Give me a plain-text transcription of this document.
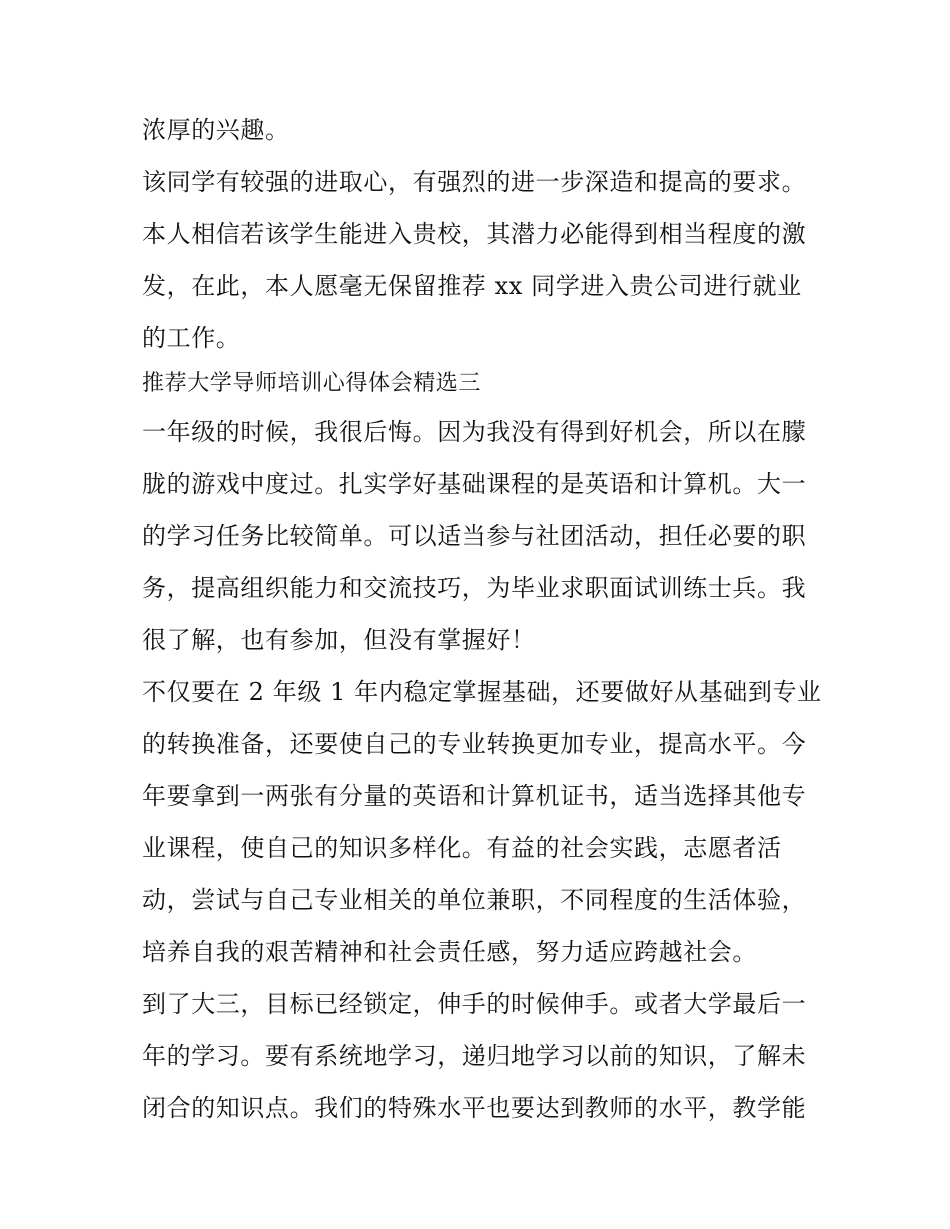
浓厚的兴趣。
该同学有较强的进取心，有强烈的进一步深造和提高的要求。
本人相信若该学生能进入贵校，其潜力必能得到相当程度的激
发，在此，本人愿毫无保留推荐 xx 同学进入贵公司进行就业
的工作。
推荐大学导师培训心得体会精选三
一年级的时候，我很后悔。因为我没有得到好机会，所以在朦
胧的游戏中度过。扎实学好基础课程的是英语和计算机。大一
的学习任务比较简单。可以适当参与社团活动，担任必要的职
务，提高组织能力和交流技巧，为毕业求职面试训练士兵。我
很了解，也有参加，但没有掌握好！
不仅要在 2 年级 1 年内稳定掌握基础，还要做好从基础到专业
的转换准备，还要使自己的专业转换更加专业，提高水平。今
年要拿到一两张有分量的英语和计算机证书，适当选择其他专
业课程，使自己的知识多样化。有益的社会实践，志愿者活
动，尝试与自己专业相关的单位兼职，不同程度的生活体验，
培养自我的艰苦精神和社会责任感，努力适应跨越社会。
到了大三，目标已经锁定，伸手的时候伸手。或者大学最后一
年的学习。要有系统地学习，递归地学习以前的知识，了解未
闭合的知识点。我们的特殊水平也要达到教师的水平，教学能
